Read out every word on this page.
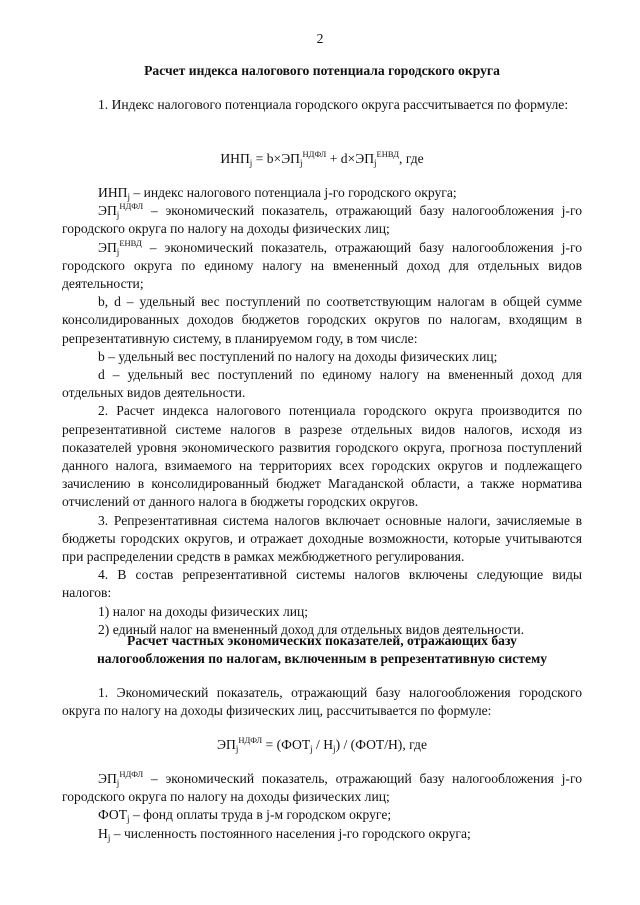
2
Расчет индекса налогового потенциала городского округа

1. Индекс налогового потенциала городского округа рассчитывается по формуле:

$ИНП_j = b\times ЭП_j^{НДФЛ} + d\times ЭП_j^{ЕНВД}$, где

$ИНП_j$ – индекс налогового потенциала j-го городского округа;

$ЭП_j^{НДФЛ}$ – экономический показатель, отражающий базу налогообложения j-го городского округа по налогу на доходы физических лиц;

$ЭП_j^{ЕНВД}$ – экономический показатель, отражающий базу налогообложения j-го городского округа по единому налогу на вмененный доход для отдельных видов деятельности;

b, d – удельный вес поступлений по соответствующим налогам в общей сумме консолидированных доходов бюджетов городских округов по налогам, входящим в репрезентативную систему, в планируемом году, в том числе:

b – удельный вес поступлений по налогу на доходы физических лиц;

d – удельный вес поступлений по единому налогу на вмененный доход для отдельных видов деятельности.

2. Расчет индекса налогового потенциала городского округа производится по репрезентативной системе налогов в разрезе отдельных видов налогов, исходя из показателей уровня экономического развития городского округа, прогноза поступлений данного налога, взимаемого на территориях всех городских округов и подлежащего зачислению в консолидированный бюджет Магаданской области, а также норматива отчислений от данного налога в бюджеты городских округов.

3. Репрезентативная система налогов включает основные налоги, зачисляемые в бюджеты городских округов, и отражает доходные возможности, которые учитываются при распределении средств в рамках межбюджетного регулирования.

4. В состав репрезентативной системы налогов включены следующие виды налогов:

1) налог на доходы физических лиц;

2) единый налог на вмененный доход для отдельных видов деятельности.

Расчет частных экономических показателей, отражающих базу
налогообложения по налогам, включенным в репрезентативную систему

1. Экономический показатель, отражающий базу налогообложения городского округа по налогу на доходы физических лиц, рассчитывается по формуле:

$ЭП_j^{НДФЛ} = (ФОТ_j / Н_j) / (ФОТ/Н)$, где

$ЭП_j^{НДФЛ}$ – экономический показатель, отражающий базу налогообложения j-го городского округа по налогу на доходы физических лиц;

$ФОТ_j$ – фонд оплаты труда в j-м городском округе;

$Н_j$ – численность постоянного населения j-го городского округа;
